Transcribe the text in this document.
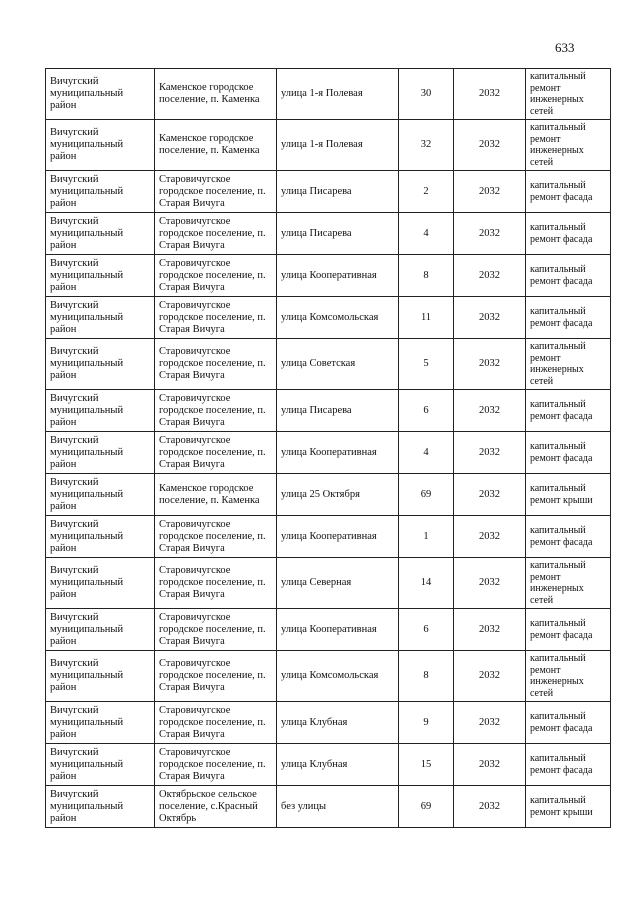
633
Вичугский муниципальный район	Каменское городское поселение, п. Каменка	улица 1-я Полевая	30	2032	капитальный ремонт инженерных сетей
Вичугский муниципальный район	Каменское городское поселение, п. Каменка	улица 1-я Полевая	32	2032	капитальный ремонт инженерных сетей
Вичугский муниципальный район	Старовичугское городское поселение, п. Старая Вичуга	улица Писарева	2	2032	капитальный ремонт фасада
Вичугский муниципальный район	Старовичугское городское поселение, п. Старая Вичуга	улица Писарева	4	2032	капитальный ремонт фасада
Вичугский муниципальный район	Старовичугское городское поселение, п. Старая Вичуга	улица Кооперативная	8	2032	капитальный ремонт фасада
Вичугский муниципальный район	Старовичугское городское поселение, п. Старая Вичуга	улица Комсомольская	11	2032	капитальный ремонт фасада
Вичугский муниципальный район	Старовичугское городское поселение, п. Старая Вичуга	улица Советская	5	2032	капитальный ремонт инженерных сетей
Вичугский муниципальный район	Старовичугское городское поселение, п. Старая Вичуга	улица Писарева	6	2032	капитальный ремонт фасада
Вичугский муниципальный район	Старовичугское городское поселение, п. Старая Вичуга	улица Кооперативная	4	2032	капитальный ремонт фасада
Вичугский муниципальный район	Каменское городское поселение, п. Каменка	улица 25 Октября	69	2032	капитальный ремонт крыши
Вичугский муниципальный район	Старовичугское городское поселение, п. Старая Вичуга	улица Кооперативная	1	2032	капитальный ремонт фасада
Вичугский муниципальный район	Старовичугское городское поселение, п. Старая Вичуга	улица Северная	14	2032	капитальный ремонт инженерных сетей
Вичугский муниципальный район	Старовичугское городское поселение, п. Старая Вичуга	улица Кооперативная	6	2032	капитальный ремонт фасада
Вичугский муниципальный район	Старовичугское городское поселение, п. Старая Вичуга	улица Комсомольская	8	2032	капитальный ремонт инженерных сетей
Вичугский муниципальный район	Старовичугское городское поселение, п. Старая Вичуга	улица Клубная	9	2032	капитальный ремонт фасада
Вичугский муниципальный район	Старовичугское городское поселение, п. Старая Вичуга	улица Клубная	15	2032	капитальный ремонт фасада
Вичугский муниципальный район	Октябрьское сельское поселение, с.Красный Октябрь	без улицы	69	2032	капитальный ремонт крыши
